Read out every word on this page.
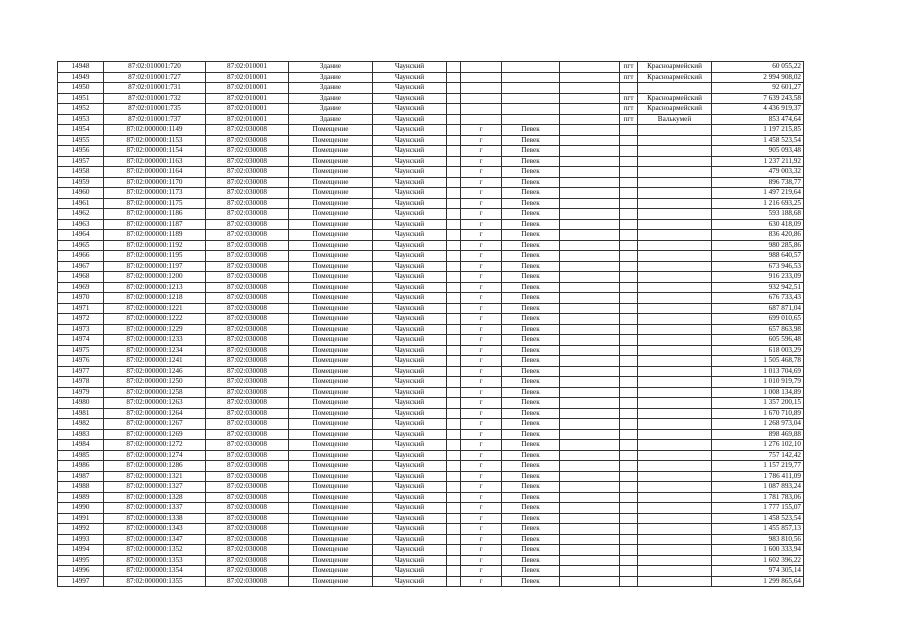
14948	87:02:010001:720	87:02:010001	Здание	Чаунский					пгт	Красноармейский	60 055,22
14949	87:02:010001:727	87:02:010001	Здание	Чаунский					пгт	Красноармейский	2 994 908,02
14950	87:02:010001:731	87:02:010001	Здание	Чаунский							92 601,27
14951	87:02:010001:732	87:02:010001	Здание	Чаунский					пгт	Красноармейский	7 639 243,58
14952	87:02:010001:735	87:02:010001	Здание	Чаунский					пгт	Красноармейский	4 436 919,37
14953	87:02:010001:737	87:02:010001	Здание	Чаунский					пгт	Валькумей	853 474,64
14954	87:02:000000:1149	87:02:030008	Помещение	Чаунский		г	Певек				1 197 215,85
14955	87:02:000000:1153	87:02:030008	Помещение	Чаунский		г	Певек				1 458 523,54
14956	87:02:000000:1154	87:02:030008	Помещение	Чаунский		г	Певек				905 093,48
14957	87:02:000000:1163	87:02:030008	Помещение	Чаунский		г	Певек				1 237 211,92
14958	87:02:000000:1164	87:02:030008	Помещение	Чаунский		г	Певек				479 003,32
14959	87:02:000000:1170	87:02:030008	Помещение	Чаунский		г	Певек				896 738,77
14960	87:02:000000:1173	87:02:030008	Помещение	Чаунский		г	Певек				1 497 219,64
14961	87:02:000000:1175	87:02:030008	Помещение	Чаунский		г	Певек				1 216 693,25
14962	87:02:000000:1186	87:02:030008	Помещение	Чаунский		г	Певек				593 188,68
14963	87:02:000000:1187	87:02:030008	Помещение	Чаунский		г	Певек				630 418,09
14964	87:02:000000:1189	87:02:030008	Помещение	Чаунский		г	Певек				836 420,86
14965	87:02:000000:1192	87:02:030008	Помещение	Чаунский		г	Певек				980 285,86
14966	87:02:000000:1195	87:02:030008	Помещение	Чаунский		г	Певек				988 640,57
14967	87:02:000000:1197	87:02:030008	Помещение	Чаунский		г	Певек				673 946,53
14968	87:02:000000:1200	87:02:030008	Помещение	Чаунский		г	Певек				916 233,09
14969	87:02:000000:1213	87:02:030008	Помещение	Чаунский		г	Певек				932 942,51
14970	87:02:000000:1218	87:02:030008	Помещение	Чаунский		г	Певек				676 733,43
14971	87:02:000000:1221	87:02:030008	Помещение	Чаунский		г	Певек				687 871,04
14972	87:02:000000:1222	87:02:030008	Помещение	Чаунский		г	Певек				699 010,65
14973	87:02:000000:1229	87:02:030008	Помещение	Чаунский		г	Певек				657 863,98
14974	87:02:000000:1233	87:02:030008	Помещение	Чаунский		г	Певек				605 596,48
14975	87:02:000000:1234	87:02:030008	Помещение	Чаунский		г	Певек				618 003,29
14976	87:02:000000:1241	87:02:030008	Помещение	Чаунский		г	Певек				1 505 468,78
14977	87:02:000000:1246	87:02:030008	Помещение	Чаунский		г	Певек				1 013 704,69
14978	87:02:000000:1250	87:02:030008	Помещение	Чаунский		г	Певек				1 010 919,79
14979	87:02:000000:1258	87:02:030008	Помещение	Чаунский		г	Певек				1 008 134,89
14980	87:02:000000:1263	87:02:030008	Помещение	Чаунский		г	Певек				1 357 200,15
14981	87:02:000000:1264	87:02:030008	Помещение	Чаунский		г	Певек				1 670 710,89
14982	87:02:000000:1267	87:02:030008	Помещение	Чаунский		г	Певек				1 268 973,04
14983	87:02:000000:1269	87:02:030008	Помещение	Чаунский		г	Певек				898 469,88
14984	87:02:000000:1272	87:02:030008	Помещение	Чаунский		г	Певек				1 276 102,10
14985	87:02:000000:1274	87:02:030008	Помещение	Чаунский		г	Певек				757 142,42
14986	87:02:000000:1286	87:02:030008	Помещение	Чаунский		г	Певек				1 157 219,77
14987	87:02:000000:1321	87:02:030008	Помещение	Чаунский		г	Певек				1 786 411,09
14988	87:02:000000:1327	87:02:030008	Помещение	Чаунский		г	Певек				1 087 893,24
14989	87:02:000000:1328	87:02:030008	Помещение	Чаунский		г	Певек				1 781 783,06
14990	87:02:000000:1337	87:02:030008	Помещение	Чаунский		г	Певек				1 777 155,07
14991	87:02:000000:1338	87:02:030008	Помещение	Чаунский		г	Певек				1 458 523,54
14992	87:02:000000:1343	87:02:030008	Помещение	Чаунский		г	Певек				1 455 857,13
14993	87:02:000000:1347	87:02:030008	Помещение	Чаунский		г	Певек				983 810,56
14994	87:02:000000:1352	87:02:030008	Помещение	Чаунский		г	Певек				1 600 333,94
14995	87:02:000000:1353	87:02:030008	Помещение	Чаунский		г	Певек				1 602 396,22
14996	87:02:000000:1354	87:02:030008	Помещение	Чаунский		г	Певек				974 305,14
14997	87:02:000000:1355	87:02:030008	Помещение	Чаунский		г	Певек				1 299 865,64
